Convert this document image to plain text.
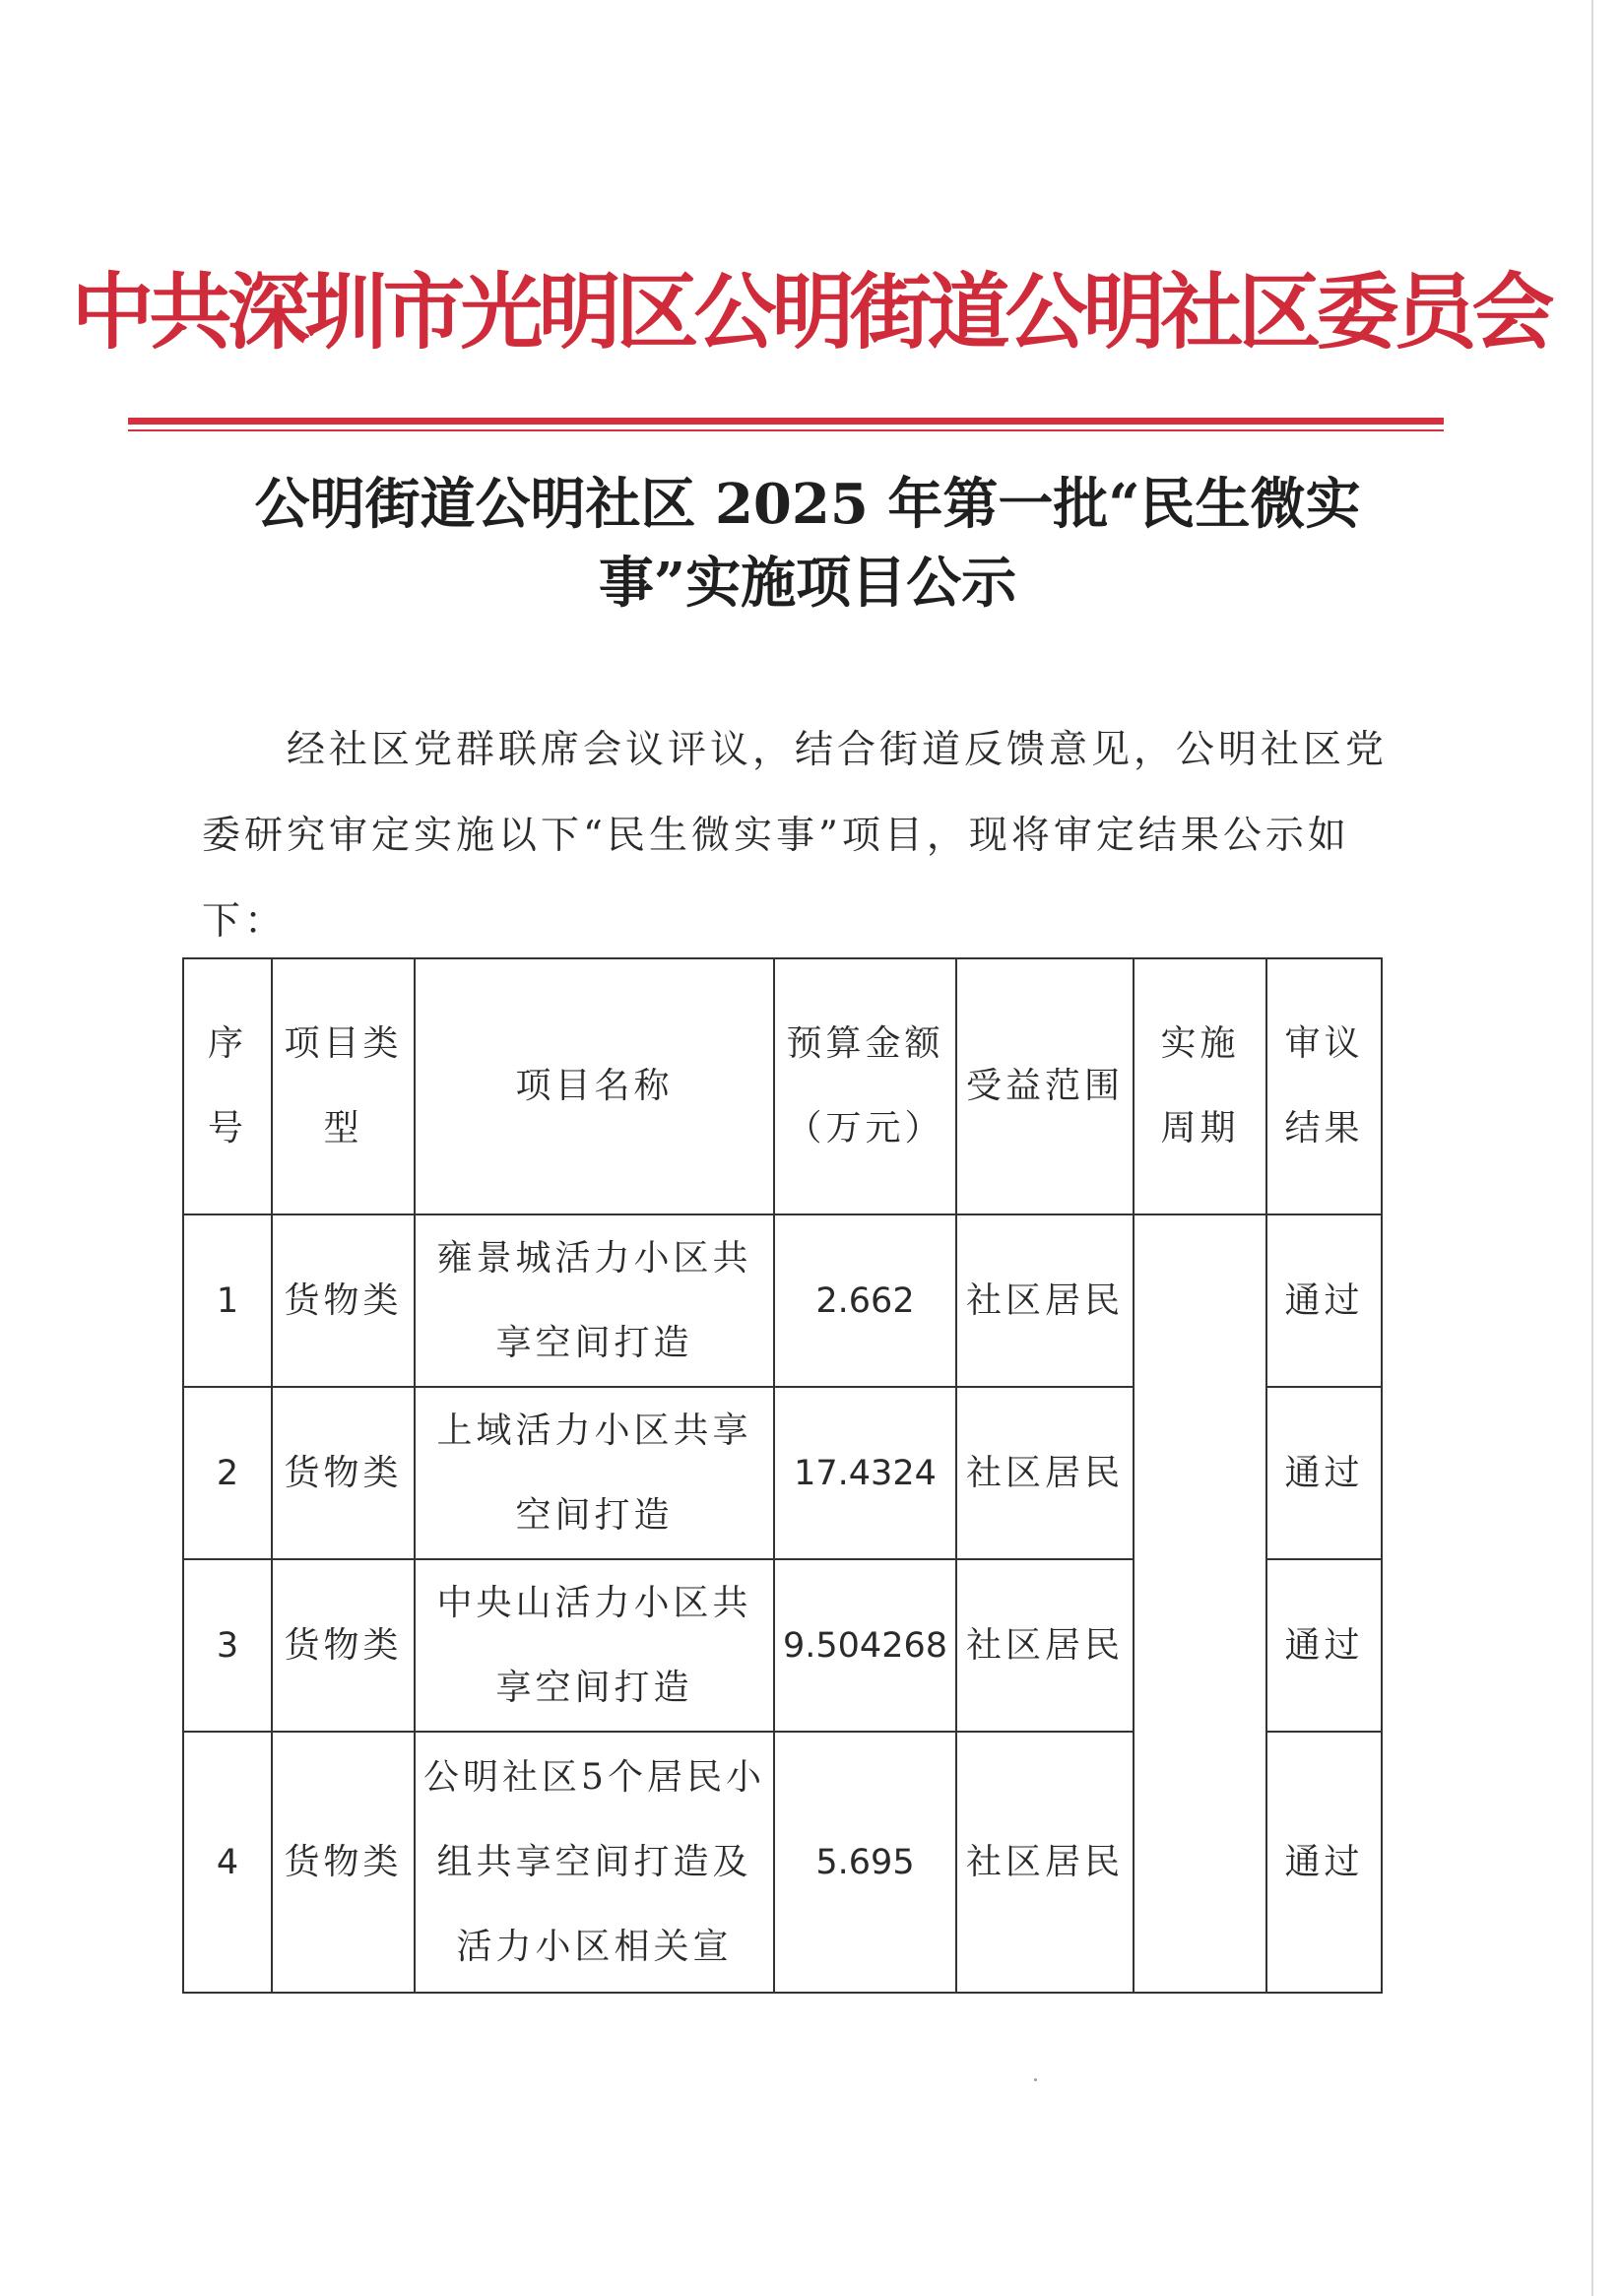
中共深圳市光明区公明街道公明社区委员会
公明街道公明社区 2025 年第一批“民生微实事”实施项目公示

经社区党群联席会议评议，结合街道反馈意见，公明社区党委研究审定实施以下“民生微实事”项目，现将审定结果公示如下：

序号	项目类型	项目名称	预算金额（万元）	受益范围	实施周期	审议结果
1	货物类	雍景城活力小区共享空间打造	2.662	社区居民		通过
2	货物类	上域活力小区共享空间打造	17.4324	社区居民		通过
3	货物类	中央山活力小区共享空间打造	9.504268	社区居民		通过
4	货物类	公明社区5个居民小组共享空间打造及活力小区相关宣	5.695	社区居民		通过
